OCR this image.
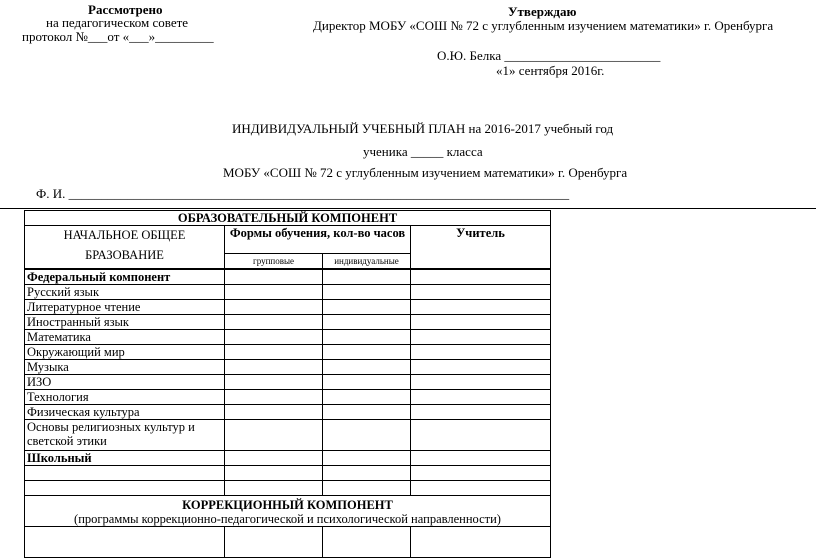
Рассмотрено
на педагогическом совете
протокол №___от «___»_________
Утверждаю
Директор МОБУ «СОШ № 72 с углубленным изучением математики» г. Оренбурга
О.Ю. Белка ________________________
«1» сентября 2016г.
ИНДИВИДУАЛЬНЫЙ УЧЕБНЫЙ ПЛАН на 2016-2017 учебный год
ученика _____ класса
МОБУ «СОШ № 72 с углубленным изучением математики» г. Оренбурга
Ф. И. _____________________________________________________________________________
ОБРАЗОВАТЕЛЬНЫЙ КОМПОНЕНТ			

НАЧАЛЬНОЕ ОБЩЕЕ
БРАЗОВАНИЕ	Формы обучения, кол-во часов		Учитель
	групповые	индивидуальные	
Федеральный компонент			
Русский язык			
Литературное чтение			
Иностранный язык			
Математика			
Окружающий мир			
Музыка			
ИЗО			
Технология			
Физическая культура			
Основы религиозных культур и светской этики			
Школьный			

КОРРЕКЦИОННЫЙ КОМПОНЕНТ
(программы коррекционно-педагогической и психологической направленности)			
